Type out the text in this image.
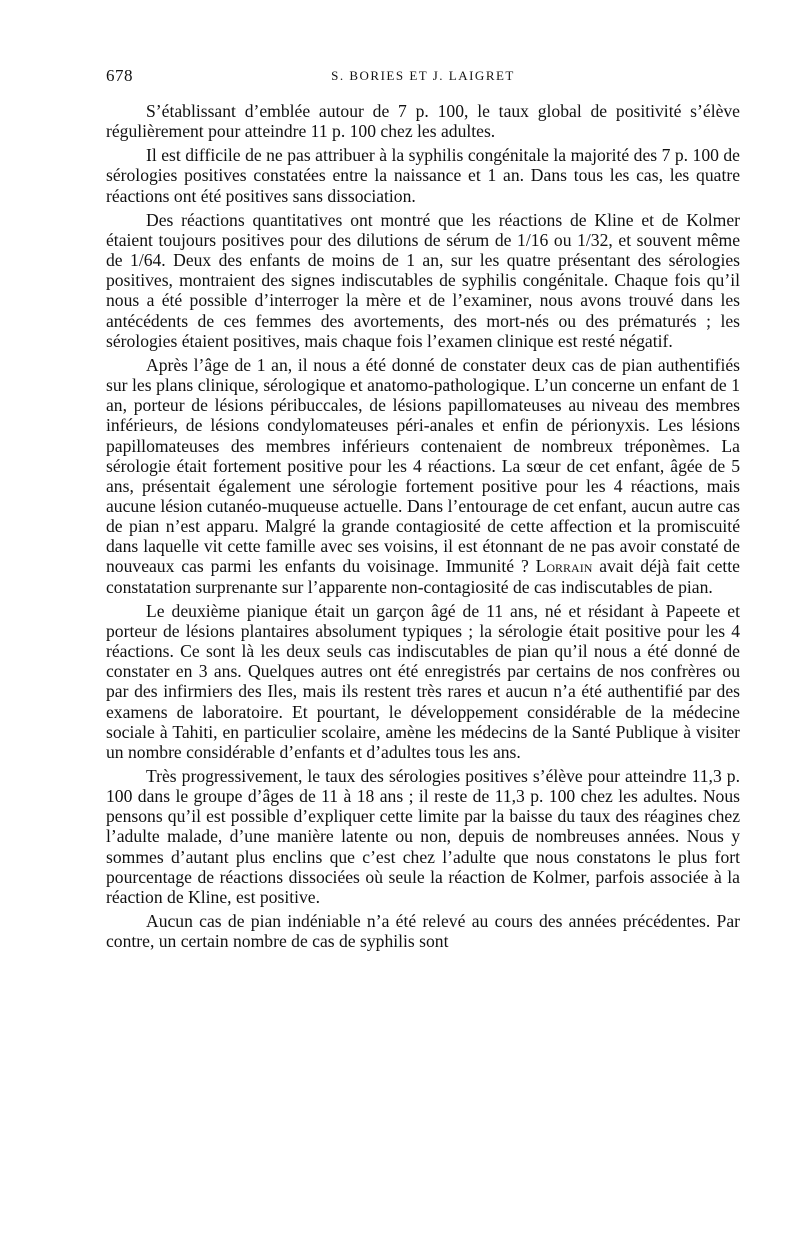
678	S. BORIES ET J. LAIGRET

S’établissant d’emblée autour de 7 p. 100, le taux global de positivité s’élève régulièrement pour atteindre 11 p. 100 chez les adultes.

Il est difficile de ne pas attribuer à la syphilis congénitale la majorité des 7 p. 100 de sérologies positives constatées entre la naissance et 1 an. Dans tous les cas, les quatre réactions ont été positives sans dissociation.

Des réactions quantitatives ont montré que les réactions de Kline et de Kolmer étaient toujours positives pour des dilutions de sérum de 1/16 ou 1/32, et souvent même de 1/64. Deux des enfants de moins de 1 an, sur les quatre présentant des sérologies positives, montraient des signes indiscutables de syphilis congénitale. Chaque fois qu’il nous a été possible d’interroger la mère et de l’examiner, nous avons trouvé dans les antécédents de ces femmes des avortements, des mort-nés ou des prématurés ; les sérologies étaient positives, mais chaque fois l’examen clinique est resté négatif.

Après l’âge de 1 an, il nous a été donné de constater deux cas de pian authentifiés sur les plans clinique, sérologique et anatomo-pathologique. L’un concerne un enfant de 1 an, porteur de lésions péribuccales, de lésions papillomateuses au niveau des membres inférieurs, de lésions condylomateuses péri-anales et enfin de périonyxis. Les lésions papillomateuses des membres inférieurs contenaient de nombreux tréponèmes. La sérologie était fortement positive pour les 4 réactions. La sœur de cet enfant, âgée de 5 ans, présentait également une sérologie fortement positive pour les 4 réactions, mais aucune lésion cutanéo-muqueuse actuelle. Dans l’entourage de cet enfant, aucun autre cas de pian n’est apparu. Malgré la grande contagiosité de cette affection et la promiscuité dans laquelle vit cette famille avec ses voisins, il est étonnant de ne pas avoir constaté de nouveaux cas parmi les enfants du voisinage. Immunité ? Lorrain avait déjà fait cette constatation surprenante sur l’apparente non-contagiosité de cas indiscutables de pian.

Le deuxième pianique était un garçon âgé de 11 ans, né et résidant à Papeete et porteur de lésions plantaires absolument typiques ; la sérologie était positive pour les 4 réactions. Ce sont là les deux seuls cas indiscutables de pian qu’il nous a été donné de constater en 3 ans. Quelques autres ont été enregistrés par certains de nos confrères ou par des infirmiers des Iles, mais ils restent très rares et aucun n’a été authentifié par des examens de laboratoire. Et pourtant, le développement considérable de la médecine sociale à Tahiti, en particulier scolaire, amène les médecins de la Santé Publique à visiter un nombre considérable d’enfants et d’adultes tous les ans.

Très progressivement, le taux des sérologies positives s’élève pour atteindre 11,3 p. 100 dans le groupe d’âges de 11 à 18 ans ; il reste de 11,3 p. 100 chez les adultes. Nous pensons qu’il est possible d’expliquer cette limite par la baisse du taux des réagines chez l’adulte malade, d’une manière latente ou non, depuis de nombreuses années. Nous y sommes d’autant plus enclins que c’est chez l’adulte que nous constatons le plus fort pourcentage de réactions dissociées où seule la réaction de Kolmer, parfois associée à la réaction de Kline, est positive.

Aucun cas de pian indéniable n’a été relevé au cours des années précédentes. Par contre, un certain nombre de cas de syphilis sont
